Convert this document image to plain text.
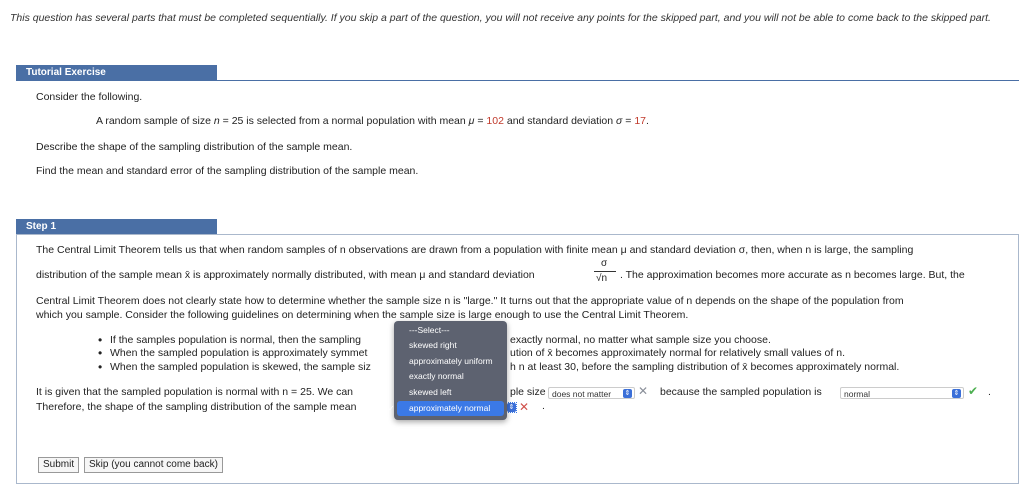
This question has several parts that must be completed sequentially. If you skip a part of the question, you will not receive any points for the skipped part, and you will not be able to come back to the skipped part.
Tutorial Exercise
Consider the following.
A random sample of size n = 25 is selected from a normal population with mean μ = 102 and standard deviation σ = 17.
Describe the shape of the sampling distribution of the sample mean.
Find the mean and standard error of the sampling distribution of the sample mean.
Step 1
The Central Limit Theorem tells us that when random samples of n observations are drawn from a population with finite mean μ and standard deviation σ, then, when n is large, the sampling
distribution of the sample mean x̄ is approximately normally distributed, with mean μ and standard deviation
σ
√n . The approximation becomes more accurate as n becomes large. But, the
Central Limit Theorem does not clearly state how to determine whether the sample size n is "large." It turns out that the appropriate value of n depends on the shape of the population from
which you sample. Consider the following guidelines on determining when the sample size is large enough to use the Central Limit Theorem.
• If the samples population is normal, then the sampling	exactly normal, no matter what sample size you choose.
• When the sampled population is approximately symmet	ution of x̄ becomes approximately normal for relatively small values of n.
• When the sampled population is skewed, the sample siz	h n at least 30, before the sampling distribution of x̄ becomes approximately normal.
It is given that the sampled population is normal with n = 25. We can	ple size does not matter ⇕ ✕ because the sampled population is	normal	⇕ ✔ .
Therefore, the shape of the sampling distribution of the sample mean	⇕ ✕ .
---Select---
skewed right
approximately uniform
exactly normal
skewed left
✓ approximately normal
Submit	Skip (you cannot come back)
